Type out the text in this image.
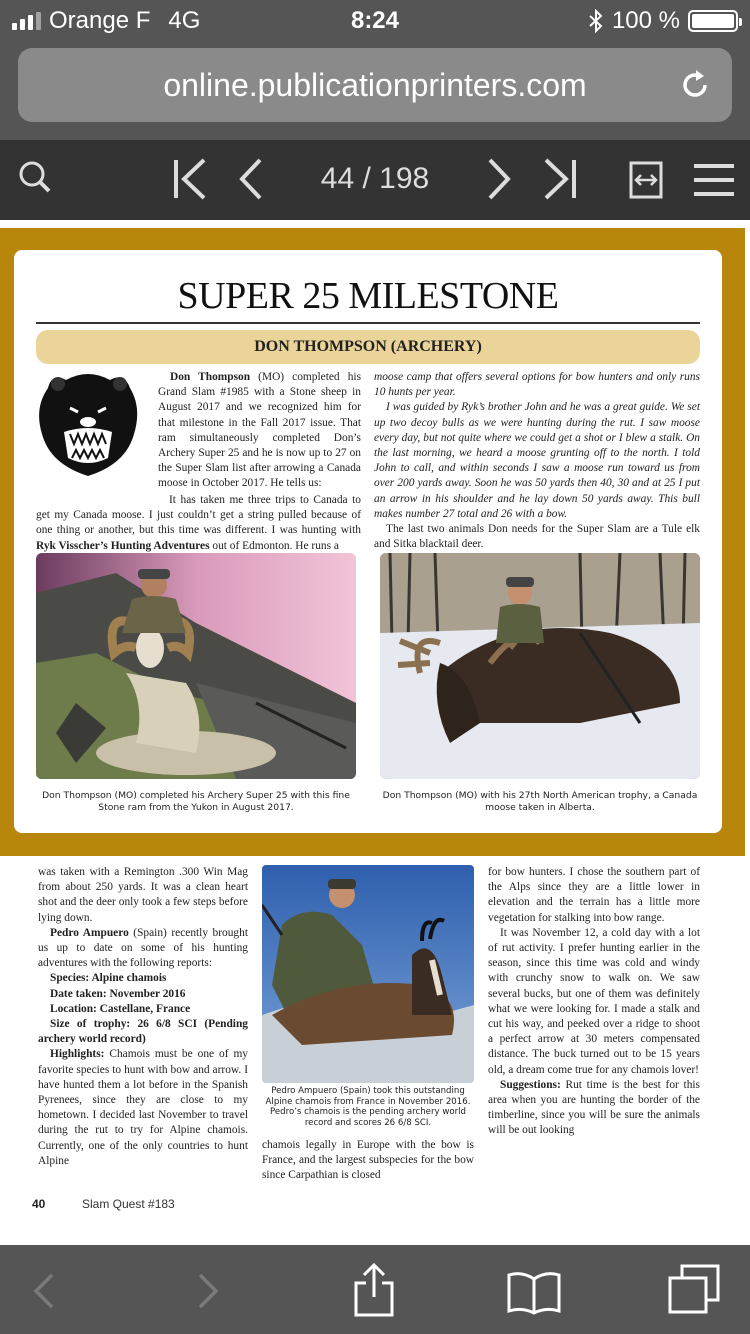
Orange F 4G	8:24	100 %
online.publicationprinters.com
44 / 198
SUPER 25 MILESTONE
DON THOMPSON (ARCHERY)

Don Thompson (MO) completed his Grand Slam #1985 with a Stone sheep in August 2017 and we recognized him for that milestone in the Fall 2017 issue. That ram simultaneously completed Don’s Archery Super 25 and he is now up to 27 on the Super Slam list after arrowing a Canada moose in October 2017. He tells us:

It has taken me three trips to Canada to get my Canada moose. I just couldn’t get a string pulled because of one thing or another, but this time was different. I was hunting with Ryk Visscher’s Hunting Adventures out of Edmonton. He runs a

moose camp that offers several options for bow hunters and only runs 10 hunts per year.

I was guided by Ryk’s brother John and he was a great guide. We set up two decoy bulls as we were hunting during the rut. I saw moose every day, but not quite where we could get a shot or I blew a stalk. On the last morning, we heard a moose grunting off to the north. I told John to call, and within seconds I saw a moose run toward us from over 200 yards away. Soon he was 50 yards then 40, 30 and at 25 I put an arrow in his shoulder and he lay down 50 yards away. This bull makes number 27 total and 26 with a bow.

The last two animals Don needs for the Super Slam are a Tule elk and Sitka blacktail deer.

Don Thompson (MO) completed his Archery Super 25 with this fine Stone ram from the Yukon in August 2017.
Don Thompson (MO) with his 27th North American trophy, a Canada moose taken in Alberta.

was taken with a Remington .300 Win Mag from about 250 yards. It was a clean heart shot and the deer only took a few steps before lying down.

Pedro Ampuero (Spain) recently brought us up to date on some of his hunting adventures with the following reports:

Species: Alpine chamois

Date taken: November 2016

Location: Castellane, France

Size of trophy: 26 6/8 SCI (Pending archery world record)

Highlights: Chamois must be one of my favorite species to hunt with bow and arrow. I have hunted them a lot before in the Spanish Pyrenees, since they are close to my hometown. I decided last November to travel during the rut to try for Alpine chamois. Currently, one of the only countries to hunt Alpine

Pedro Ampuero (Spain) took this outstanding Alpine chamois from France in November 2016. Pedro’s chamois is the pending archery world record and scores 26 6/8 SCI.
chamois legally in Europe with the bow is France, and the largest subspecies for the bow since Carpathian is closed

for bow hunters. I chose the southern part of the Alps since they are a little lower in elevation and the terrain has a little more vegetation for stalking into bow range.

It was November 12, a cold day with a lot of rut activity. I prefer hunting earlier in the season, since this time was cold and windy with crunchy snow to walk on. We saw several bucks, but one of them was definitely what we were looking for. I made a stalk and cut his way, and peeked over a ridge to shoot a perfect arrow at 30 meters compensated distance. The buck turned out to be 15 years old, a dream come true for any chamois lover!

Suggestions: Rut time is the best for this area when you are hunting the border of the timberline, since you will be sure the animals will be out looking

40	Slam Quest #183
